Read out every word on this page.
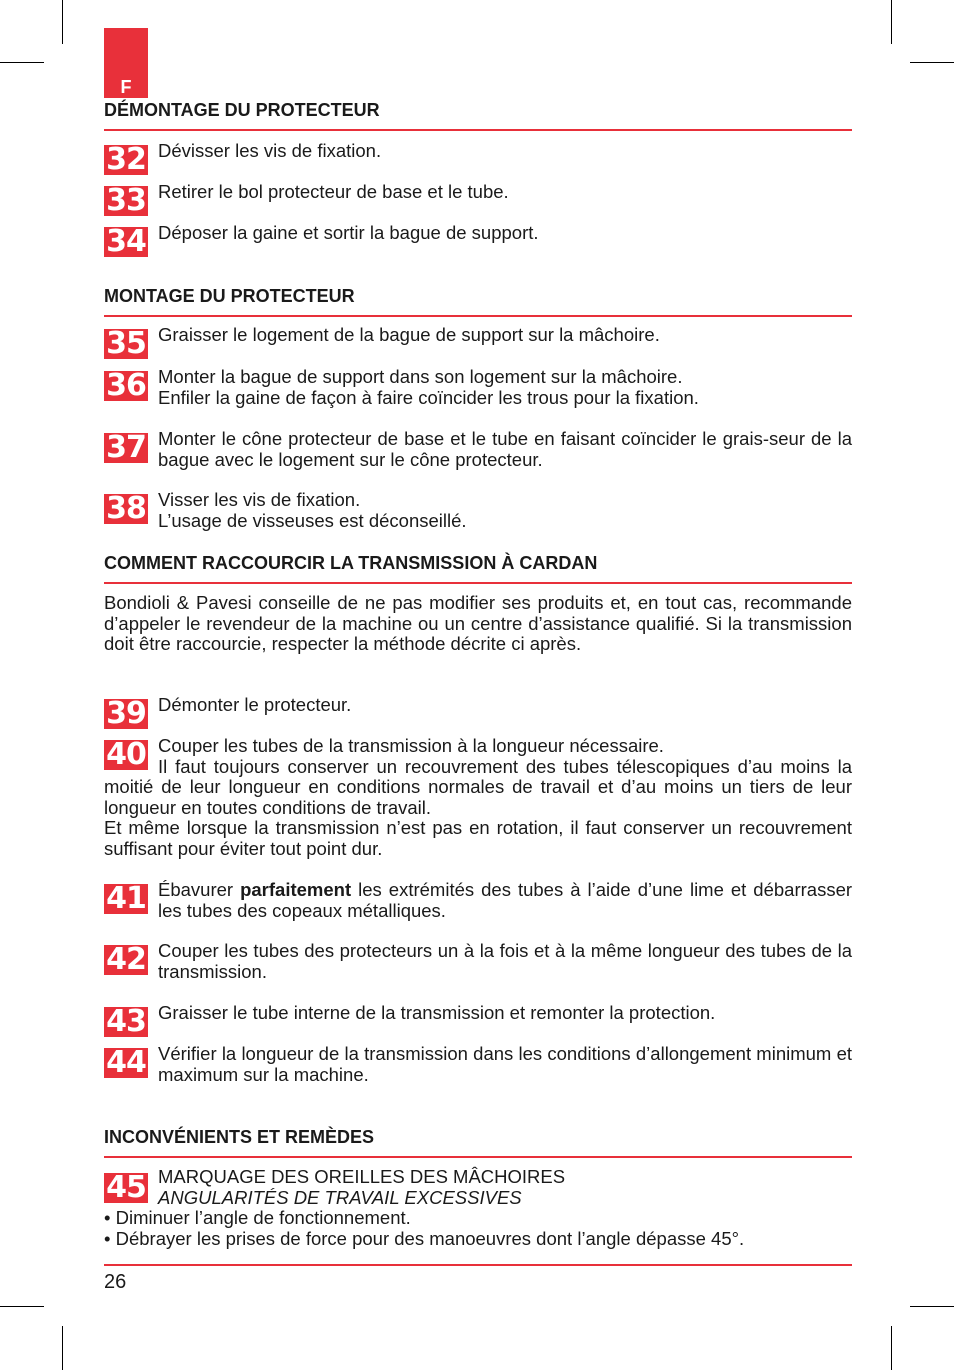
F
DÉMONTAGE DU PROTECTEUR
32 Dévisser les vis de fixation.
33 Retirer le bol protecteur de base et le tube.
34 Déposer la gaine et sortir la bague de support.
MONTAGE DU PROTECTEUR
35 Graisser le logement de la bague de support sur la mâchoire.
36 Monter la bague de support dans son logement sur la mâchoire.
Enfiler la gaine de façon à faire coïncider les trous pour la fixation.
37 Monter le cône protecteur de base et le tube en faisant coïncider le grais-seur de la bague avec le logement sur le cône protecteur.
38 Visser les vis de fixation.
L’usage de visseuses est déconseillé.
COMMENT RACCOURCIR LA TRANSMISSION À CARDAN
Bondioli & Pavesi conseille de ne pas modifier ses produits et, en tout cas, recommande d’appeler le revendeur de la machine ou un centre d’assistance qualifié. Si la transmission doit être raccourcie, respecter la méthode décrite ci après.
39 Démonter le protecteur.
40 Couper les tubes de la transmission à la longueur nécessaire.
Il faut toujours conserver un recouvrement des tubes télescopiques d’au moins la moitié de leur longueur en conditions normales de travail et d’au moins un tiers de leur longueur en toutes conditions de travail.
Et même lorsque la transmission n’est pas en rotation, il faut conserver un recouvrement suffisant pour éviter tout point dur.
41 Ébavurer parfaitement les extrémités des tubes à l’aide d’une lime et débarrasser les tubes des copeaux métalliques.
42 Couper les tubes des protecteurs un à la fois et à la même longueur des tubes de la transmission.
43 Graisser le tube interne de la transmission et remonter la protection.
44 Vérifier la longueur de la transmission dans les conditions d’allongement minimum et maximum sur la machine.
INCONVÉNIENTS ET REMÈDES
45 MARQUAGE DES OREILLES DES MÂCHOIRES
ANGULARITÉS DE TRAVAIL EXCESSIVES
• Diminuer l’angle de fonctionnement.
• Débrayer les prises de force pour des manoeuvres dont l’angle dépasse 45°.
26
